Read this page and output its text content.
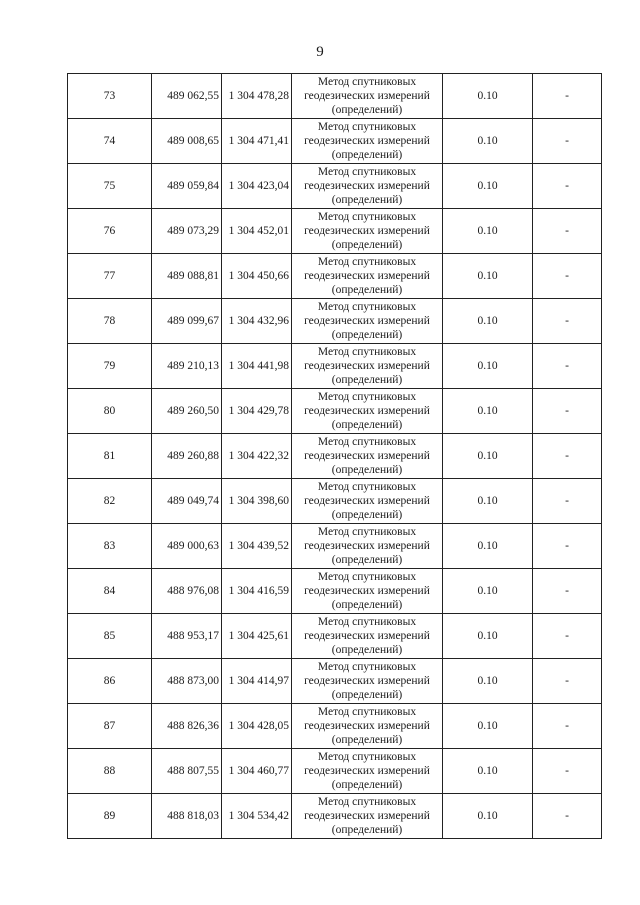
9
73	489 062,55	1 304 478,28	Метод спутниковых
геодезических измерений
(определений)	0.10	-
74	489 008,65	1 304 471,41	Метод спутниковых
геодезических измерений
(определений)	0.10	-
75	489 059,84	1 304 423,04	Метод спутниковых
геодезических измерений
(определений)	0.10	-
76	489 073,29	1 304 452,01	Метод спутниковых
геодезических измерений
(определений)	0.10	-
77	489 088,81	1 304 450,66	Метод спутниковых
геодезических измерений
(определений)	0.10	-
78	489 099,67	1 304 432,96	Метод спутниковых
геодезических измерений
(определений)	0.10	-
79	489 210,13	1 304 441,98	Метод спутниковых
геодезических измерений
(определений)	0.10	-
80	489 260,50	1 304 429,78	Метод спутниковых
геодезических измерений
(определений)	0.10	-
81	489 260,88	1 304 422,32	Метод спутниковых
геодезических измерений
(определений)	0.10	-
82	489 049,74	1 304 398,60	Метод спутниковых
геодезических измерений
(определений)	0.10	-
83	489 000,63	1 304 439,52	Метод спутниковых
геодезических измерений
(определений)	0.10	-
84	488 976,08	1 304 416,59	Метод спутниковых
геодезических измерений
(определений)	0.10	-
85	488 953,17	1 304 425,61	Метод спутниковых
геодезических измерений
(определений)	0.10	-
86	488 873,00	1 304 414,97	Метод спутниковых
геодезических измерений
(определений)	0.10	-
87	488 826,36	1 304 428,05	Метод спутниковых
геодезических измерений
(определений)	0.10	-
88	488 807,55	1 304 460,77	Метод спутниковых
геодезических измерений
(определений)	0.10	-
89	488 818,03	1 304 534,42	Метод спутниковых
геодезических измерений
(определений)	0.10	-
